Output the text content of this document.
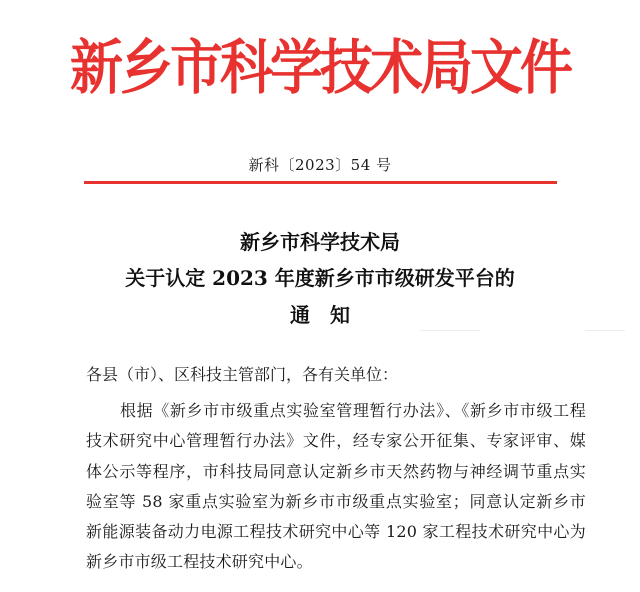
新乡市科学技术局文件
新科〔2023〕54 号
新乡市科学技术局
关于认定 2023 年度新乡市市级研发平台的
通　知
各县（市）、区科技主管部门，各有关单位：
根据《新乡市市级重点实验室管理暂行办法》、《新乡市市级工程技术研究中心管理暂行办法》文件，经专家公开征集、专家评审、媒体公示等程序，市科技局同意认定新乡市天然药物与神经调节重点实验室等 58 家重点实验室为新乡市市级重点实验室；同意认定新乡市新能源装备动力电源工程技术研究中心等 120 家工程技术研究中心为新乡市市级工程技术研究中心。
